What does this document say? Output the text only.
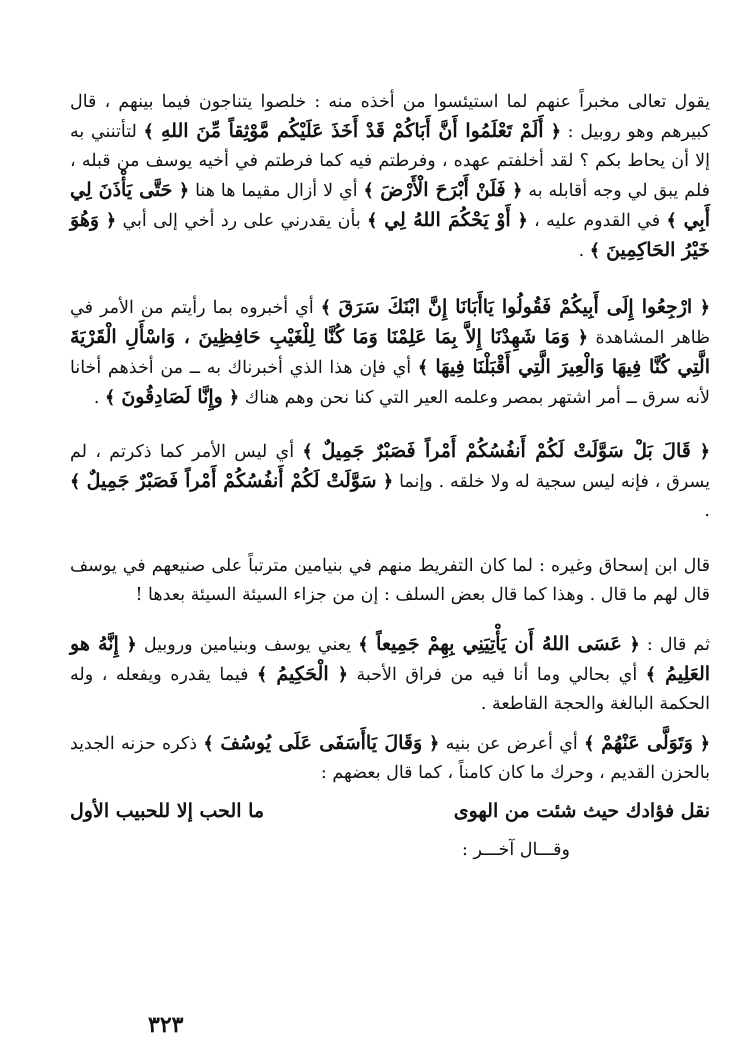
يقول تعالى مخبراً عنهم لما استيئسوا من أخذه منه : خلصوا يتناجون فيما بينهم ، قال كبيرهم وهو روبيل : ﴿ أَلَمْ تَعْلَمُوا أَنَّ أَبَاكُمْ قَدْ أَخَذَ عَلَيْكُم مَّوْثِقاً مِّنَ اللهِ ﴾ لتأتنني به إلا أن يحاط بكم ؟ لقد أخلفتم عهده ، وفرطتم فيه كما فرطتم في أخيه يوسف من قبله ، فلم يبق لي وجه أقابله به ﴿ فَلَنْ أَبْرَحَ الْأَرْضَ ﴾ أي لا أزال مقيما ها هنا ﴿ حَتَّى يَأْذَنَ لِي أَبِي ﴾ في القدوم عليه ، ﴿ أَوْ يَحْكُمَ اللهُ لِي ﴾ بأن يقدرني على رد أخي إلى أبي ﴿ وَهُوَ خَيْرُ الحَاكِمِينَ ﴾ .

﴿ ارْجِعُوا إِلَى أَبِيكُمْ فَقُولُوا يَاأَبَانَا إِنَّ ابْنَكَ سَرَقَ ﴾ أي أخبروه بما رأيتم من الأمر في ظاهر المشاهدة ﴿ وَمَا شَهِدْنَا إِلاَّ بِمَا عَلِمْنَا وَمَا كُنَّا لِلْغَيْبِ حَافِظِينَ ، وَاسْأَلِ الْقَرْيَةَ الَّتِي كُنَّا فِيهَا وَالْعِيرَ الَّتِي أَقْبَلْنَا فِيهَا ﴾ أي فإن هذا الذي أخبرناك به ــ من أخذهم أخانا لأنه سرق ــ أمر اشتهر بمصر وعلمه العير التي كنا نحن وهم هناك ﴿ وإِنَّا لَصَادِقُونَ ﴾ .

﴿ قَالَ بَلْ سَوَّلَتْ لَكُمْ أَنفُسُكُمْ أَمْراً فَصَبْرٌ جَمِيلٌ ﴾ أي ليس الأمر كما ذكرتم ، لم يسرق ، فإنه ليس سجية له ولا خلقه . وإنما ﴿ سَوَّلَتْ لَكُمْ أَنفُسُكُمْ أَمْراً فَصَبْرٌ جَمِيلٌ ﴾ .

قال ابن إسحاق وغيره : لما كان التفريط منهم في بنيامين مترتباً على صنيعهم في يوسف قال لهم ما قال . وهذا كما قال بعض السلف : إن من جزاء السيئة السيئة بعدها !

ثم قال : ﴿ عَسَى اللهُ أَن يَأْتِيَنِي بِهِمْ جَمِيعاً ﴾ يعني يوسف وبنيامين وروبيل ﴿ إِنَّهُ هو العَلِيمُ ﴾ أي بحالي وما أنا فيه من فراق الأحبة ﴿ الْحَكِيمُ ﴾ فيما يقدره ويفعله ، وله الحكمة البالغة والحجة القاطعة .

﴿ وَتَوَلَّى عَنْهُمْ ﴾ أي أعرض عن بنيه ﴿ وَقَالَ يَاأَسَفَى عَلَى يُوسُفَ ﴾ ذكره حزنه الجديد بالحزن القديم ، وحرك ما كان كامناً ، كما قال بعضهم :

نقل فؤادك حيث شئت من الهوى
ما الحب إلا للحبيب الأول
وقـــال آخـــر :
٣٢٣
